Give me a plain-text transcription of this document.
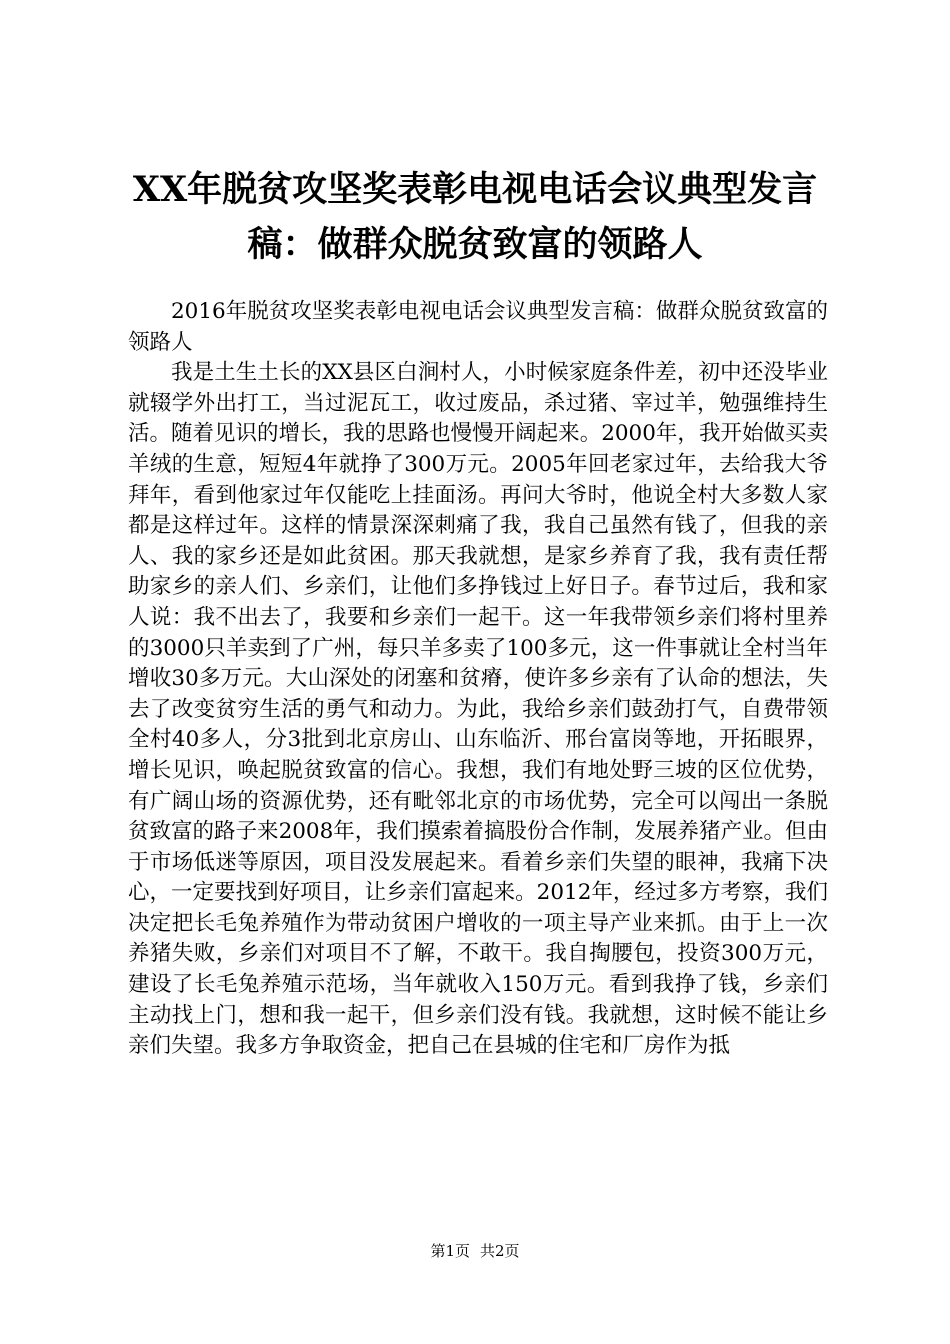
XX年脱贫攻坚奖表彰电视电话会议典型发言
稿：做群众脱贫致富的领路人

2016年脱贫攻坚奖表彰电视电话会议典型发言稿：做群众脱贫致富的领路人

我是土生土长的XX县区白涧村人，小时候家庭条件差，初中还没毕业就辍学外出打工，当过泥瓦工，收过废品，杀过猪、宰过羊，勉强维持生活。随着见识的增长，我的思路也慢慢开阔起来。2000年，我开始做买卖羊绒的生意，短短4年就挣了300万元。2005年回老家过年，去给我大爷拜年，看到他家过年仅能吃上挂面汤。再问大爷时，他说全村大多数人家都是这样过年。这样的情景深深刺痛了我，我自己虽然有钱了，但我的亲人、我的家乡还是如此贫困。那天我就想，是家乡养育了我，我有责任帮助家乡的亲人们、乡亲们，让他们多挣钱过上好日子。春节过后，我和家人说：我不出去了，我要和乡亲们一起干。这一年我带领乡亲们将村里养的3000只羊卖到了广州，每只羊多卖了100多元，这一件事就让全村当年增收30多万元。大山深处的闭塞和贫瘠，使许多乡亲有了认命的想法，失去了改变贫穷生活的勇气和动力。为此，我给乡亲们鼓劲打气，自费带领全村40多人，分3批到北京房山、山东临沂、邢台富岗等地，开拓眼界，增长见识，唤起脱贫致富的信心。我想，我们有地处野三坡的区位优势，有广阔山场的资源优势，还有毗邻北京的市场优势，完全可以闯出一条脱贫致富的路子来2008年，我们摸索着搞股份合作制，发展养猪产业。但由于市场低迷等原因，项目没发展起来。看着乡亲们失望的眼神，我痛下决心，一定要找到好项目，让乡亲们富起来。2012年，经过多方考察，我们决定把长毛兔养殖作为带动贫困户增收的一项主导产业来抓。由于上一次养猪失败，乡亲们对项目不了解，不敢干。我自掏腰包，投资300万元，建设了长毛兔养殖示范场，当年就收入150万元。看到我挣了钱，乡亲们主动找上门，想和我一起干，但乡亲们没有钱。我就想，这时候不能让乡亲们失望。我多方争取资金，把自己在县城的住宅和厂房作为抵

第1页 共2页
